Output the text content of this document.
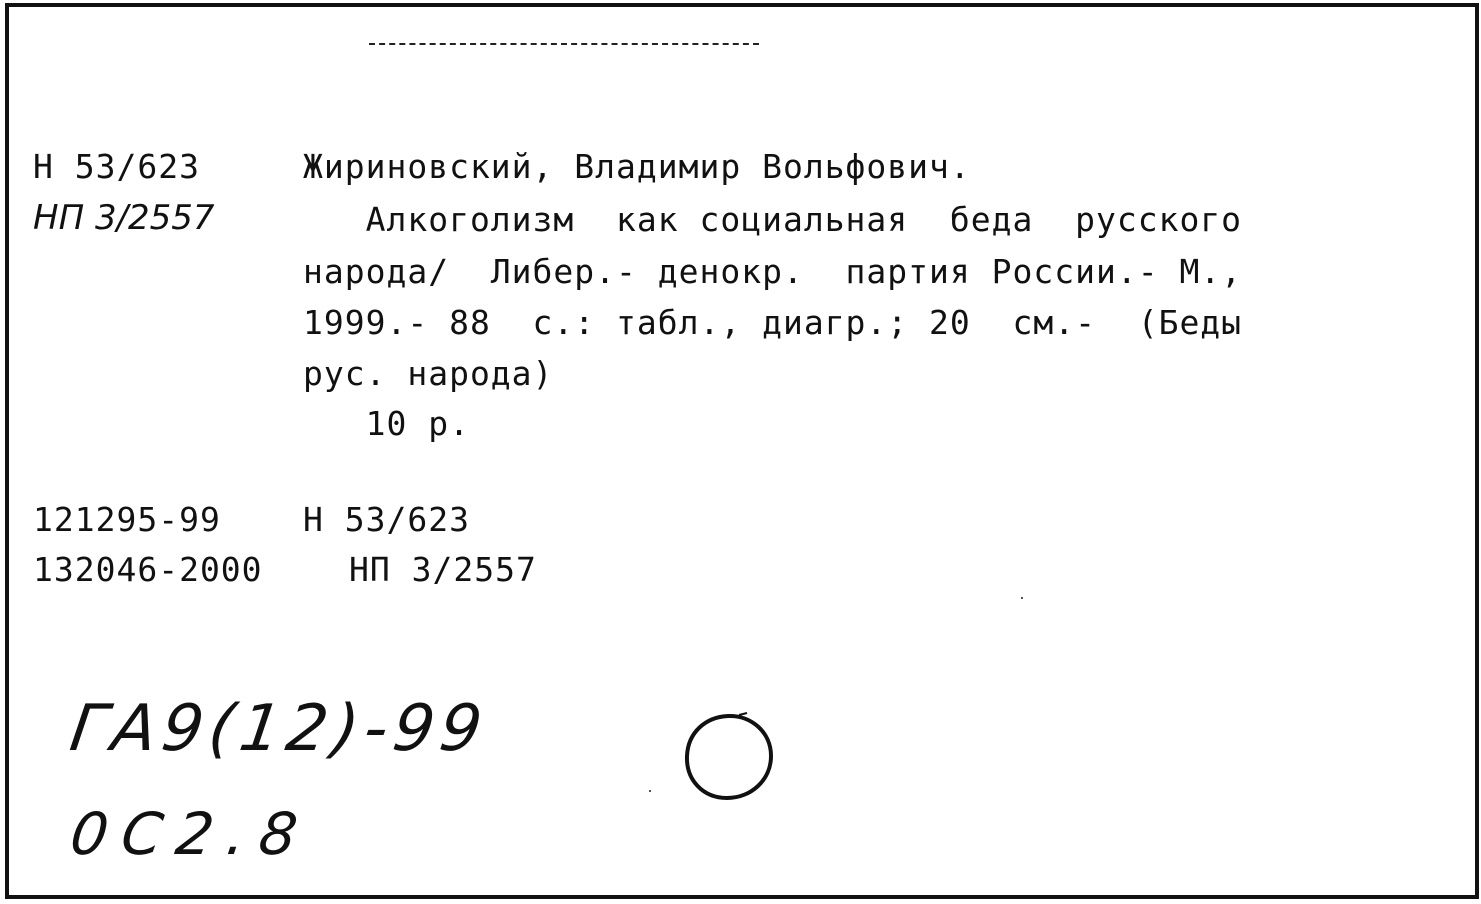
Н 53/623
НП 3/2557
Жириновский, Владимир Вольфович.
Алкоголизм  как социальная  беда  русского
народа/  Либер.- денокр.  партия России.- М.,
1999.- 88  с.: табл., диагр.; 20  см.-  (Беды
рус. народа)
10 р.
121295-99 Н 53/623
132046-2000	НП 3/2557
ГА9(12)-99
0С2.8
